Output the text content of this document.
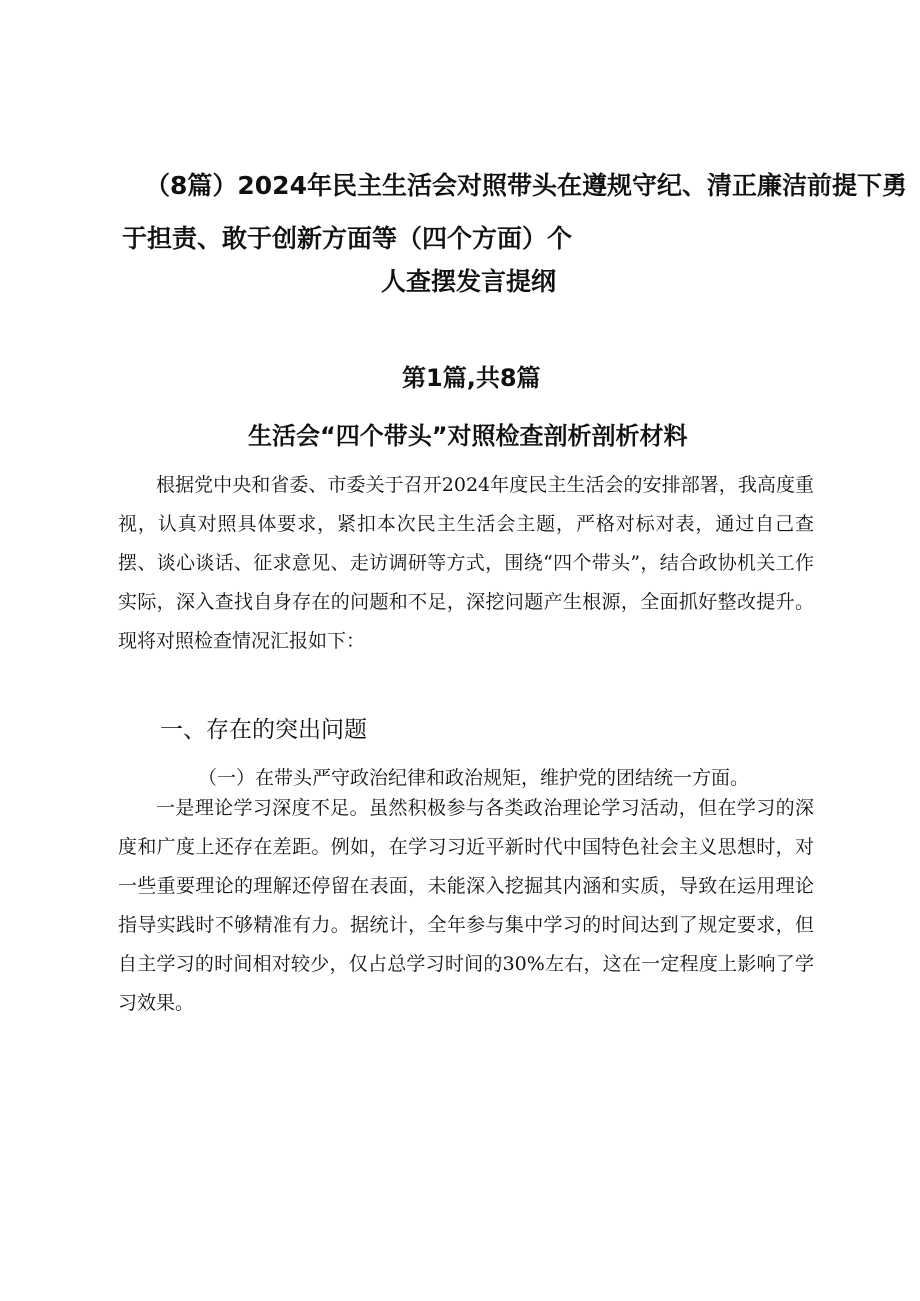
（8篇）2024年民主生活会对照带头在遵规守纪、清正廉洁前提下勇
于担责、敢于创新方面等（四个方面）个
人查摆发言提纲
第1篇,共8篇
生活会“四个带头”对照检查剖析剖析材料

根据党中央和省委、市委关于召开2024年度民主生活会的安排部署，我高度重视，认真对照具体要求，紧扣本次民主生活会主题，严格对标对表，通过自己查摆、谈心谈话、征求意见、走访调研等方式，围绕“四个带头”，结合政协机关工作实际，深入查找自身存在的问题和不足，深挖问题产生根源，全面抓好整改提升。现将对照检查情况汇报如下：

一、存在的突出问题
（一）在带头严守政治纪律和政治规矩，维护党的团结统一方面。

一是理论学习深度不足。虽然积极参与各类政治理论学习活动，但在学习的深度和广度上还存在差距。例如，在学习习近平新时代中国特色社会主义思想时，对一些重要理论的理解还停留在表面，未能深入挖掘其内涵和实质，导致在运用理论指导实践时不够精准有力。据统计，全年参与集中学习的时间达到了规定要求，但自主学习的时间相对较少，仅占总学习时间的30%左右，这在一定程度上影响了学习效果。
